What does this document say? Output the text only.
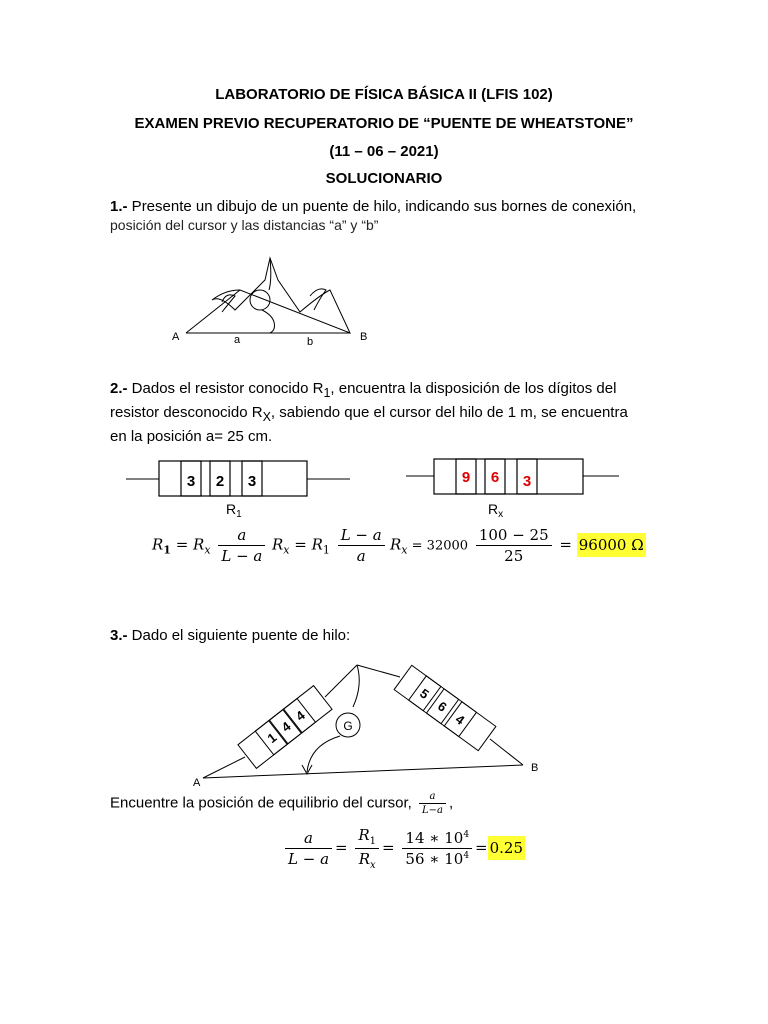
LABORATORIO DE FÍSICA BÁSICA II (LFIS 102)
EXAMEN PREVIO RECUPERATORIO DE “PUENTE DE WHEATSTONE”
(11 – 06 – 2021)
SOLUCIONARIO
1.- Presente un dibujo de un puente de hilo, indicando sus bornes de conexión,
posición del cursor y las distancias “a” y “b”
A	B
a	b
2.- Dados el resistor conocido $R_1$, encuentra la disposición de los dígitos del
resistor desconocido $R_X$, sabiendo que el cursor del hilo de 1 m, se encuentra
en la posición a= 25 cm.
3 2 3
$R_1$
9 6 3
$R_x$
$R_1 = R_x \frac{a}{L - a} R_x = R_1 \frac{L - a}{a} R_x = 32000 \frac{100 - 25}{25} = 96000$ Ω
3.- Dado el siguiente puente de hilo:
G
1
4
4
5
6
4
A
B
Encuentre la posición de equilibrio del cursor, $\frac{a}{L-a}$ ,
$\frac{a}{L - a} = \frac{R_1}{R_x} = \frac{14 ∗ 10^4}{56 ∗ 10^4} = 0.25$
